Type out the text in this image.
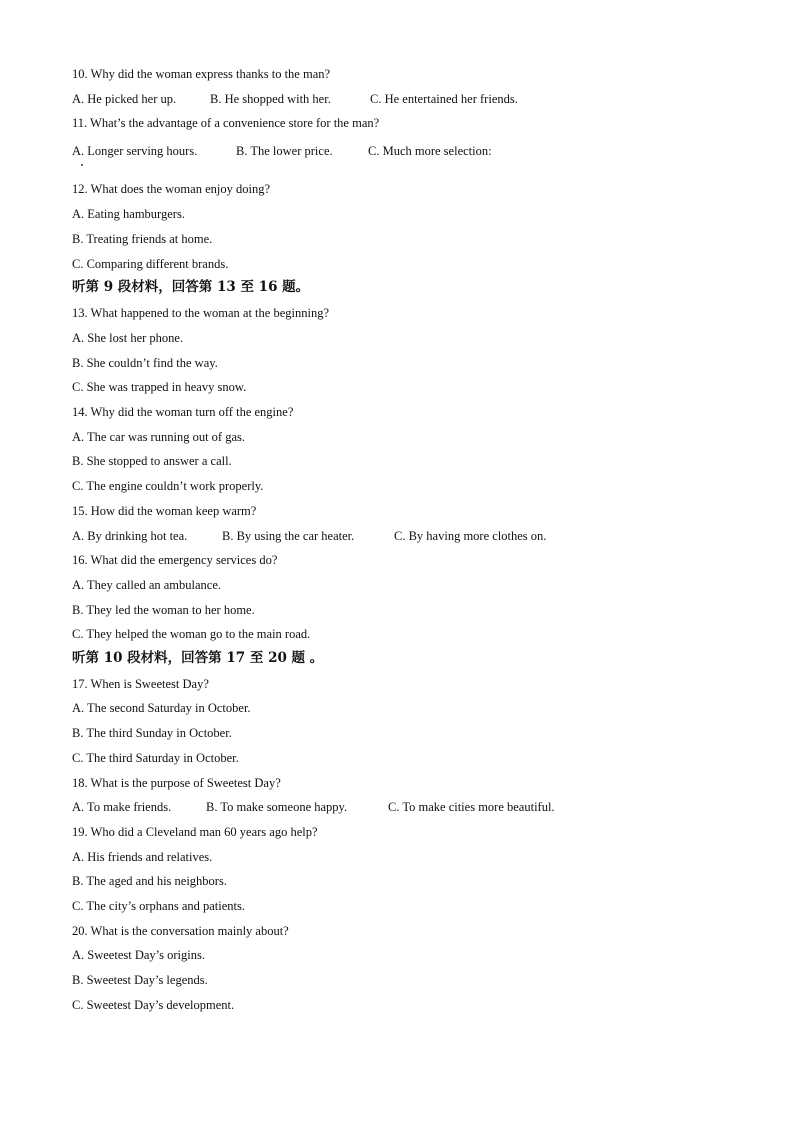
10. Why did the woman express thanks to the man?
A. He picked her up.	B. He shopped with her.	C. He entertained her friends.
11. What’s the advantage of a convenience store for the man?
A. Longer serving hours.	B. The lower price.	C. Much more selection:
12. What does the woman enjoy doing?
A. Eating hamburgers.
B. Treating friends at home.
C. Comparing different brands.
听第 9 段材料，回答第 13 至 16 题。
13. What happened to the woman at the beginning?
A. She lost her phone.
B. She couldn’t find the way.
C. She was trapped in heavy snow.
14. Why did the woman turn off the engine?
A. The car was running out of gas.
B. She stopped to answer a call.
C. The engine couldn’t work properly.
15. How did the woman keep warm?
A. By drinking hot tea.	B. By using the car heater.	C. By having more clothes on.
16. What did the emergency services do?
A. They called an ambulance.
B. They led the woman to her home.
C. They helped the woman go to the main road.
听第 10 段材料，回答第 17 至 20 题 。
17. When is Sweetest Day?
A. The second Saturday in October.
B. The third Sunday in October.
C. The third Saturday in October.
18. What is the purpose of Sweetest Day?
A. To make friends.	B. To make someone happy.	C. To make cities more beautiful.
19. Who did a Cleveland man 60 years ago help?
A. His friends and relatives.
B. The aged and his neighbors.
C. The city’s orphans and patients.
20. What is the conversation mainly about?
A. Sweetest Day’s origins.
B. Sweetest Day’s legends.
C. Sweetest Day’s development.
